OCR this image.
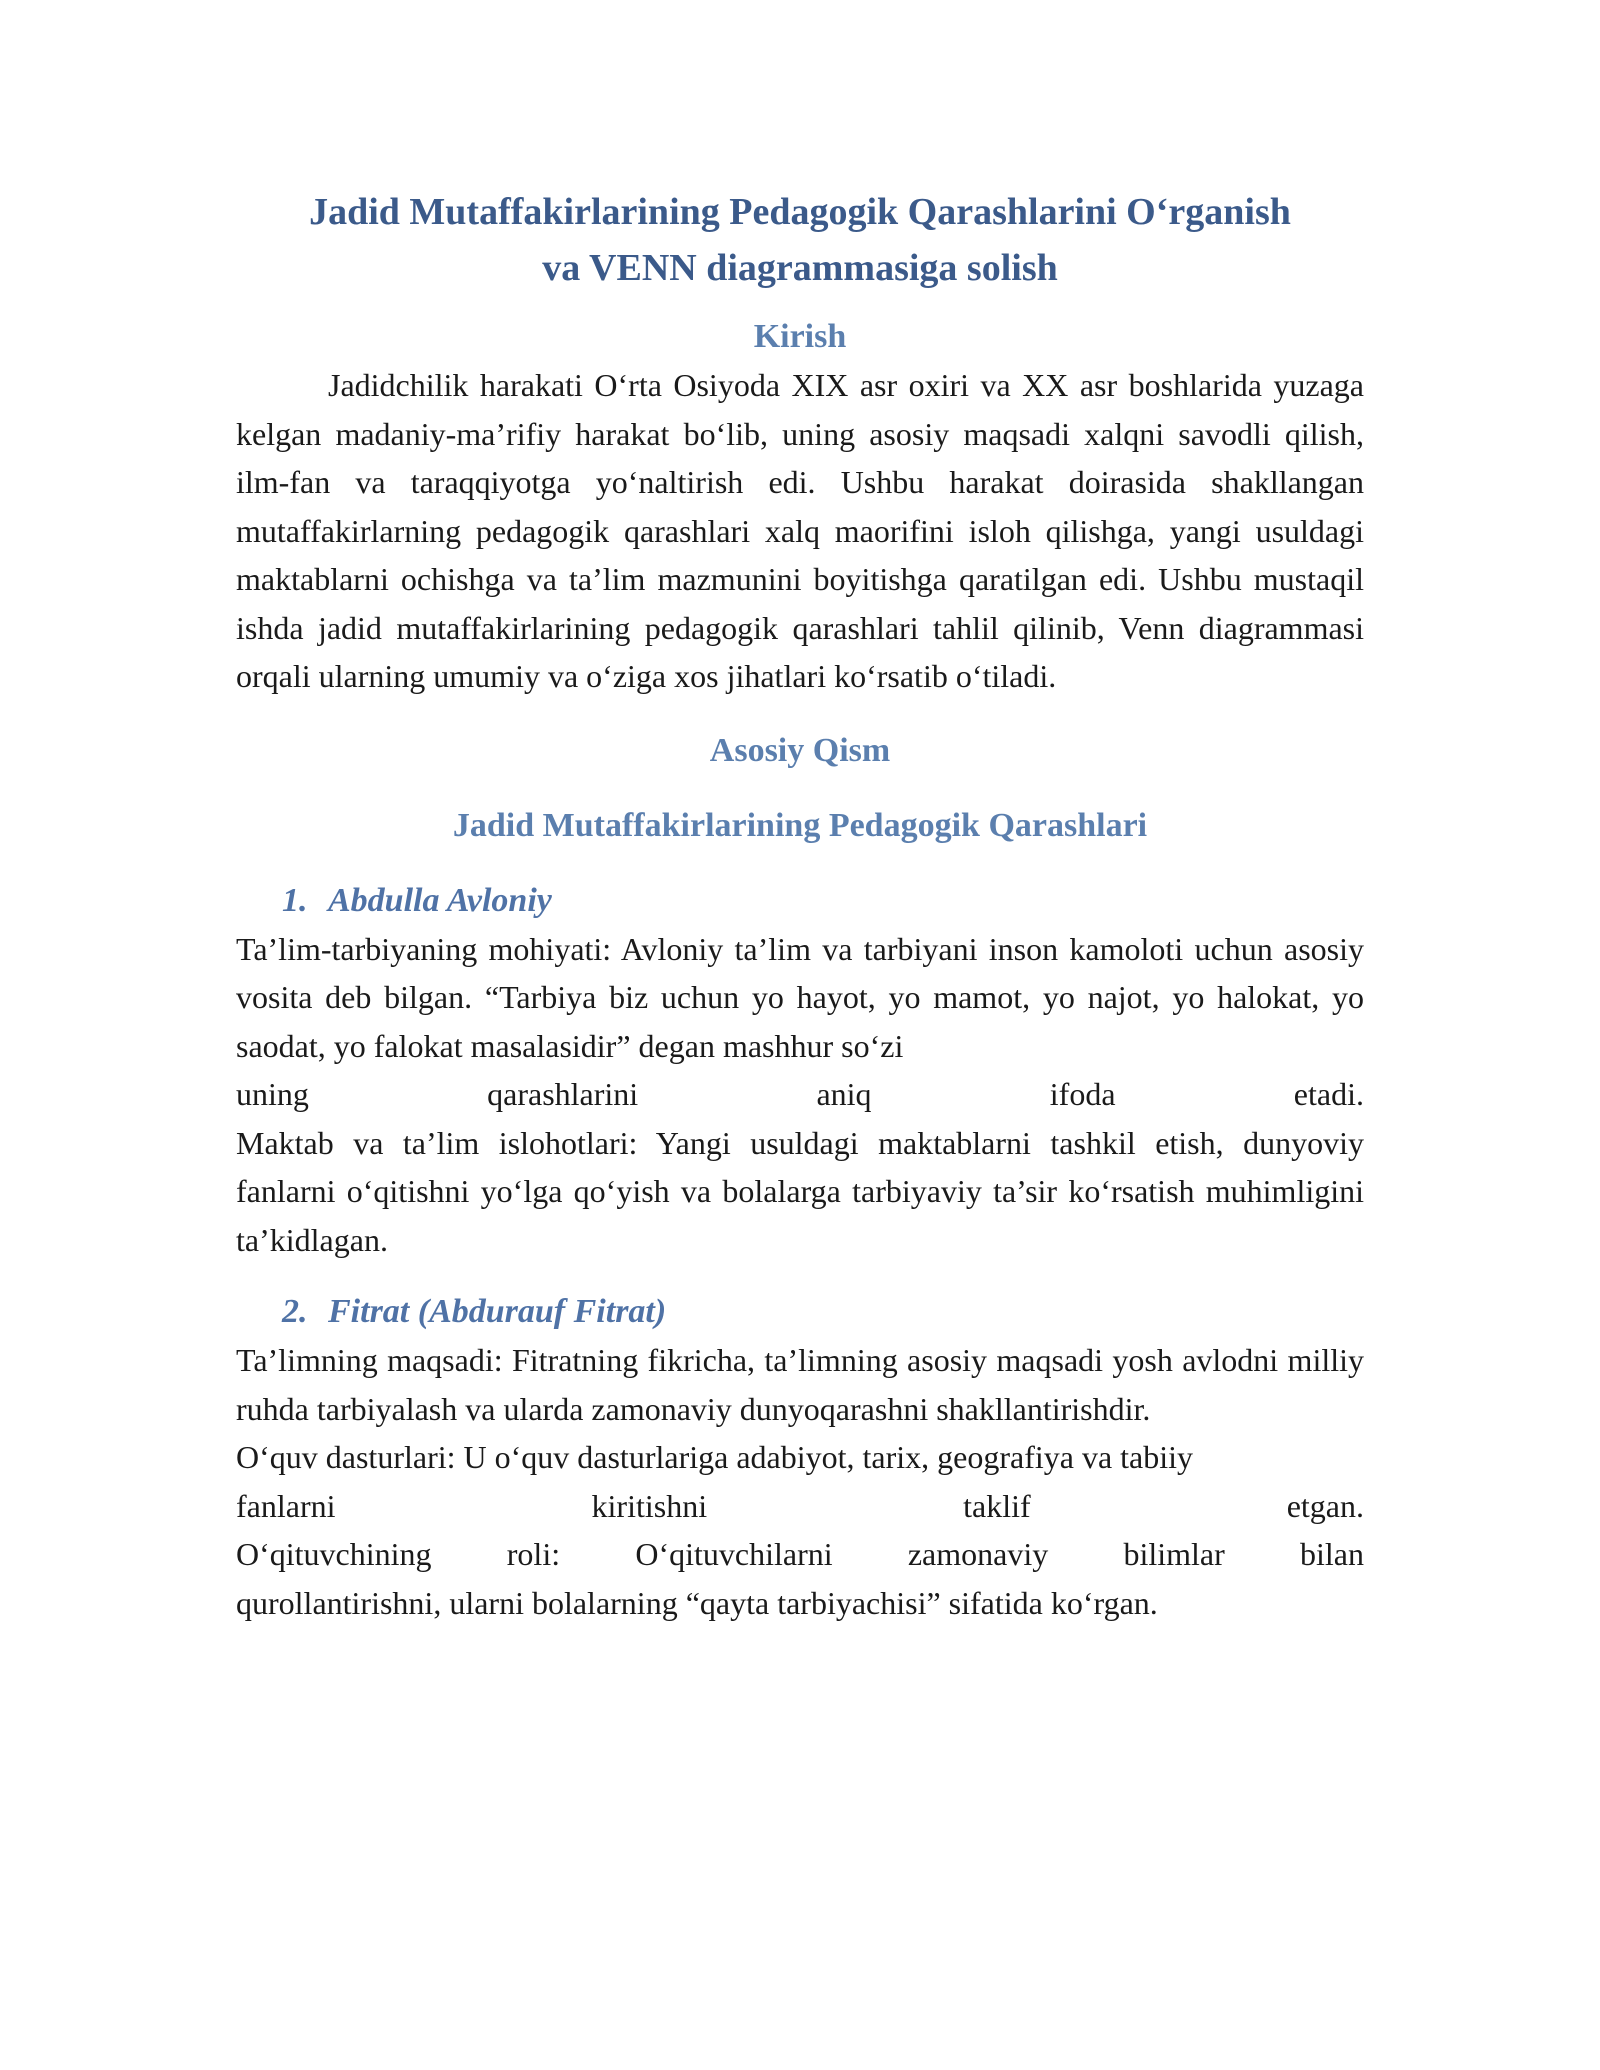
Jadid Mutaffakirlarining Pedagogik Qarashlarini O‘rganish
va VENN diagrammasiga solish
Kirish

Jadidchilik harakati O‘rta Osiyoda XIX asr oxiri va XX asr boshlarida yuzaga kelgan madaniy-ma’rifiy harakat bo‘lib, uning asosiy maqsadi xalqni savodli qilish, ilm-fan va taraqqiyotga yo‘naltirish edi. Ushbu harakat doirasida shakllangan mutaffakirlarning pedagogik qarashlari xalq maorifini isloh qilishga, yangi usuldagi maktablarni ochishga va ta’lim mazmunini boyitishga qaratilgan edi. Ushbu mustaqil ishda jadid mutaffakirlarining pedagogik qarashlari tahlil qilinib, Venn diagrammasi orqali ularning umumiy va o‘ziga xos jihatlari ko‘rsatib o‘tiladi.

Asosiy Qism
Jadid Mutaffakirlarining Pedagogik Qarashlari
1. Abdulla Avloniy

Ta’lim-tarbiyaning mohiyati: Avloniy ta’lim va tarbiyani inson kamoloti uchun asosiy vosita deb bilgan. “Tarbiya biz uchun yo hayot, yo mamot, yo najot, yo halokat, yo saodat, yo falokat masalasidir” degan mashhur so‘zi
uning	qarashlarini	aniq	ifoda	etadi.
Maktab va ta’lim islohotlari: Yangi usuldagi maktablarni tashkil etish, dunyoviy fanlarni o‘qitishni yo‘lga qo‘yish va bolalarga tarbiyaviy ta’sir ko‘rsatish muhimligini ta’kidlagan.

2. Fitrat (Abdurauf Fitrat)

Ta’limning maqsadi: Fitratning fikricha, ta’limning asosiy maqsadi yosh avlodni milliy ruhda tarbiyalash va ularda zamonaviy dunyoqarashni shakllantirishdir.
O‘quv dasturlari: U o‘quv dasturlariga adabiyot, tarix, geografiya va tabiiy
fanlarni	kiritishni	taklif	etgan.
O‘qituvchining roli: O‘qituvchilarni zamonaviy bilimlar bilan
qurollantirishni, ularni bolalarning “qayta tarbiyachisi” sifatida ko‘rgan.
